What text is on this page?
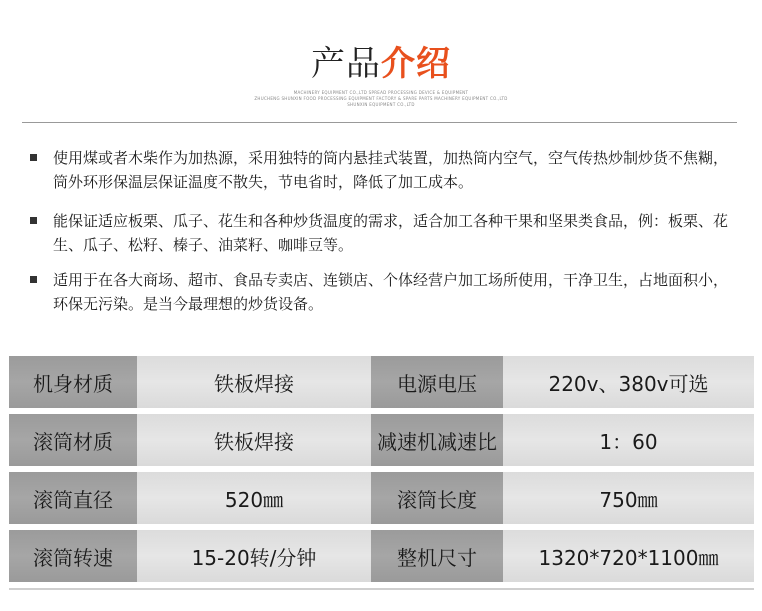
产品介绍
MACHINERY EQUIPMENT CO.,LTD SPREAD PROCESSING DEVICE & EQUIPMENT
ZHUCHENG SHUNXIN FOOD PROCESSING EQUIPMENT FACTORY & SPARE PARTS MACHINERY EQUIPMENT CO.,LTD
SHUNXIN EQUIPMENT CO.,LTD
使用煤或者木柴作为加热源，采用独特的筒内悬挂式装置，加热筒内空气，空气传热炒制炒货不焦糊，筒外环形保温层保证温度不散失，节电省时，降低了加工成本。
能保证适应板栗、瓜子、花生和各种炒货温度的需求，适合加工各种干果和坚果类食品，例：板栗、花生、瓜子、松籽、榛子、油菜籽、咖啡豆等。
适用于在各大商场、超市、食品专卖店、连锁店、个体经营户加工场所使用，干净卫生，占地面积小，环保无污染。是当今最理想的炒货设备。
机身材质	铁板焊接	电源电压	220v、380v可选
滚筒材质	铁板焊接	减速机减速比	1：60
滚筒直径	520㎜	滚筒长度	750㎜
滚筒转速	15-20转/分钟	整机尺寸	1320*720*1100㎜
